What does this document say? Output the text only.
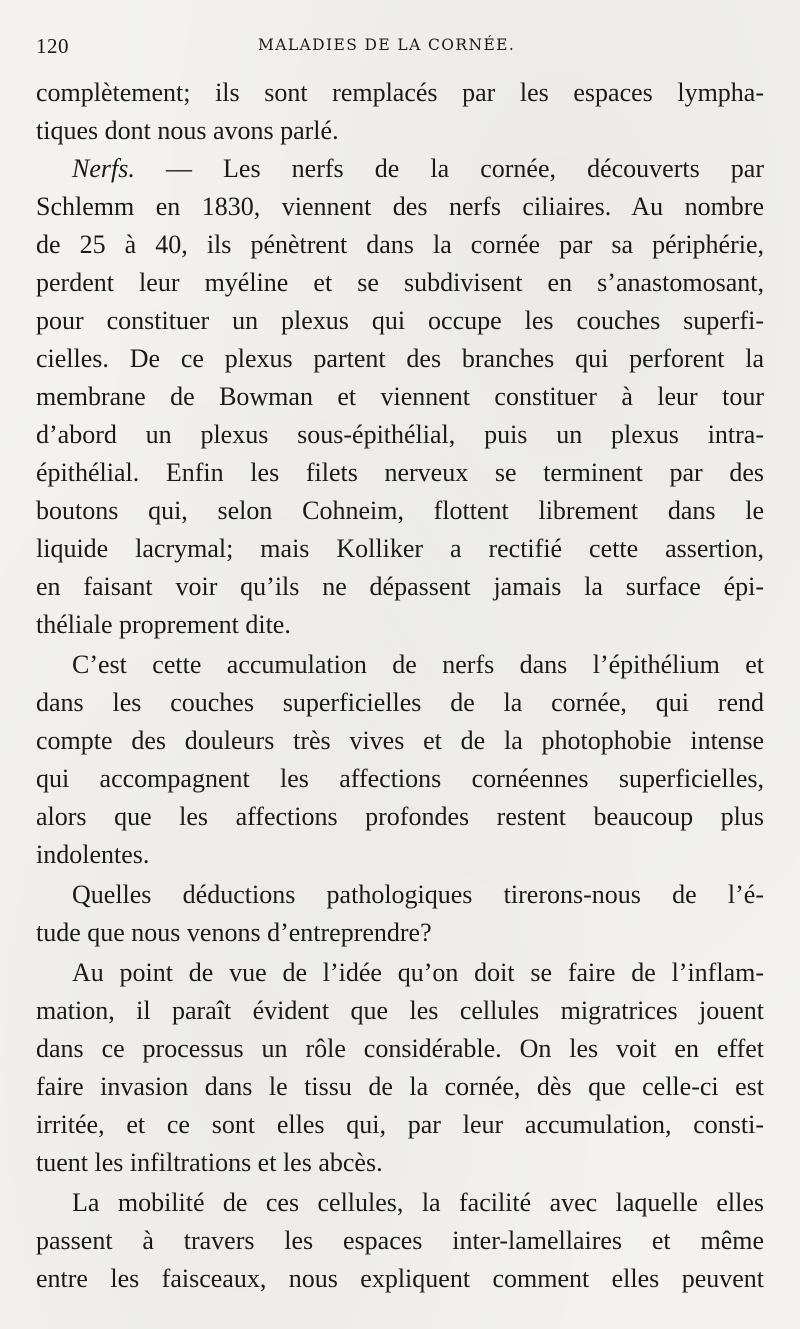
120	MALADIES DE LA CORNÉE.

complètement; ils sont remplacés par les espaces lympha-

tiques dont nous avons parlé.

Nerfs. — Les nerfs de la cornée, découverts par

Schlemm en 1830, viennent des nerfs ciliaires. Au nombre

de 25 à 40, ils pénètrent dans la cornée par sa périphérie,

perdent leur myéline et se subdivisent en s’anastomosant,

pour constituer un plexus qui occupe les couches superfi-

cielles. De ce plexus partent des branches qui perforent la

membrane de Bowman et viennent constituer à leur tour

d’abord un plexus sous-épithélial, puis un plexus intra-

épithélial. Enfin les filets nerveux se terminent par des

boutons qui, selon Cohneim, flottent librement dans le

liquide lacrymal; mais Kolliker a rectifié cette assertion,

en faisant voir qu’ils ne dépassent jamais la surface épi-

théliale proprement dite.

C’est cette accumulation de nerfs dans l’épithélium et

dans les couches superficielles de la cornée, qui rend

compte des douleurs très vives et de la photophobie intense

qui accompagnent les affections cornéennes superficielles,

alors que les affections profondes restent beaucoup plus

indolentes.

Quelles déductions pathologiques tirerons-nous de l’é-

tude que nous venons d’entreprendre?

Au point de vue de l’idée qu’on doit se faire de l’inflam-

mation, il paraît évident que les cellules migratrices jouent

dans ce processus un rôle considérable. On les voit en effet

faire invasion dans le tissu de la cornée, dès que celle-ci est

irritée, et ce sont elles qui, par leur accumulation, consti-

tuent les infiltrations et les abcès.

La mobilité de ces cellules, la facilité avec laquelle elles

passent à travers les espaces inter-lamellaires et même

entre les faisceaux, nous expliquent comment elles peuvent
